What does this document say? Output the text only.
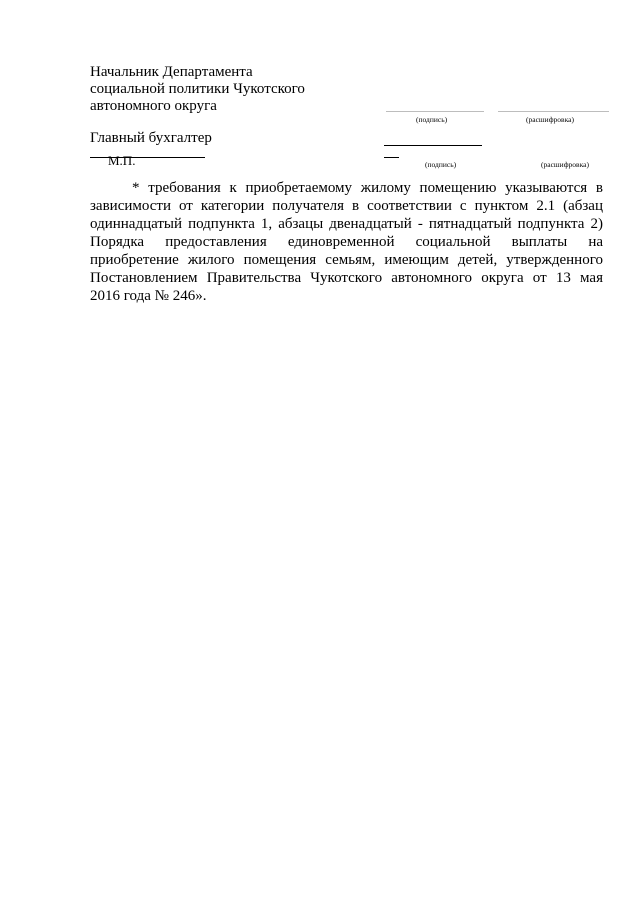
Начальник Департамента
социальной политики Чукотского
автономного округа
(подпись)	(расшифровка)
Главный бухгалтер
М.П.	(подпись)	(расшифровка)
* требования к приобретаемому жилому помещению указываются в
зависимости от категории получателя в соответствии с пунктом 2.1 (абзац
одиннадцатый подпункта 1, абзацы двенадцатый - пятнадцатый подпункта 2)
Порядка предоставления единовременной социальной выплаты на
приобретение жилого помещения семьям, имеющим детей, утвержденного
Постановлением Правительства Чукотского автономного округа от 13 мая
2016 года № 246».
